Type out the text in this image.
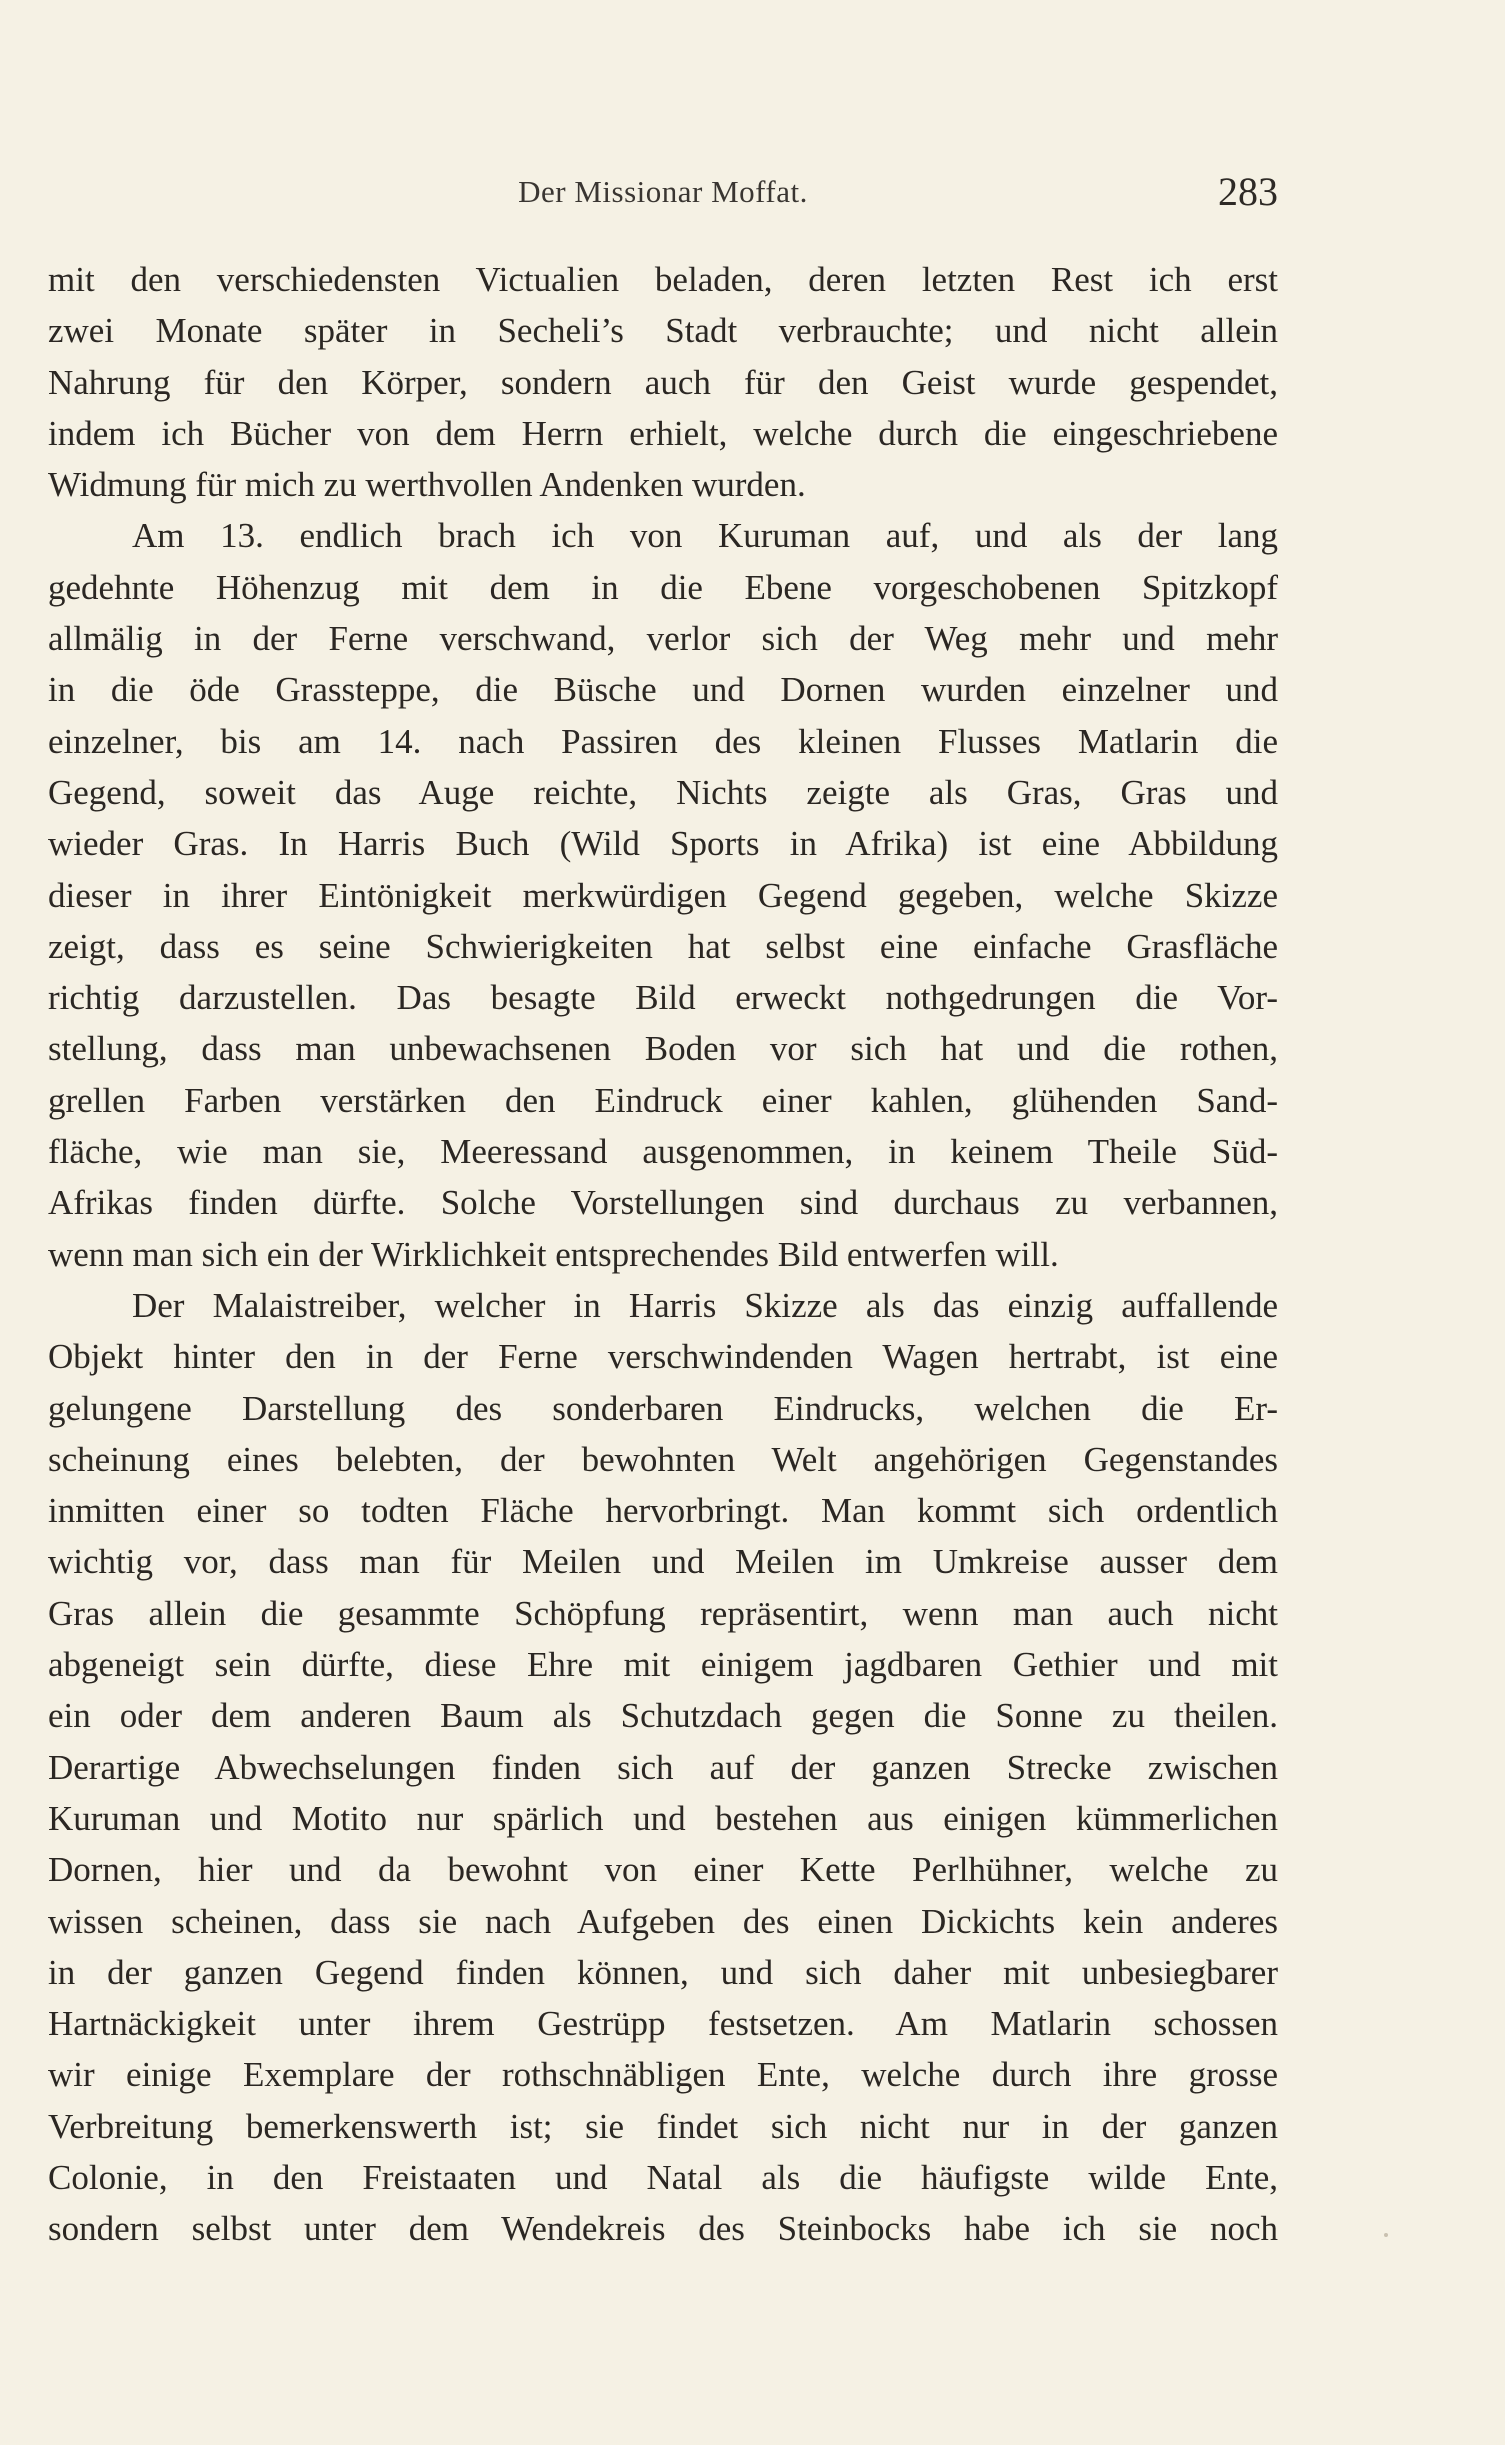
Der Missionar Moffat.	283
mit den verschiedensten Victualien beladen, deren letzten Rest ich erst
zwei Monate später in Secheli’s Stadt verbrauchte; und nicht allein
Nahrung für den Körper, sondern auch für den Geist wurde gespendet,
indem ich Bücher von dem Herrn erhielt, welche durch die eingeschriebene
Widmung für mich zu werthvollen Andenken wurden.
Am 13. endlich brach ich von Kuruman auf, und als der lang
gedehnte Höhenzug mit dem in die Ebene vorgeschobenen Spitzkopf
allmälig in der Ferne verschwand, verlor sich der Weg mehr und mehr
in die öde Grassteppe, die Büsche und Dornen wurden einzelner und
einzelner, bis am 14. nach Passiren des kleinen Flusses Matlarin die
Gegend, soweit das Auge reichte, Nichts zeigte als Gras, Gras und
wieder Gras. In Harris Buch (Wild Sports in Afrika) ist eine Abbildung
dieser in ihrer Eintönigkeit merkwürdigen Gegend gegeben, welche Skizze
zeigt, dass es seine Schwierigkeiten hat selbst eine einfache Grasfläche
richtig darzustellen. Das besagte Bild erweckt nothgedrungen die Vor-
stellung, dass man unbewachsenen Boden vor sich hat und die rothen,
grellen Farben verstärken den Eindruck einer kahlen, glühenden Sand-
fläche, wie man sie, Meeressand ausgenommen, in keinem Theile Süd-
Afrikas finden dürfte. Solche Vorstellungen sind durchaus zu verbannen,
wenn man sich ein der Wirklichkeit entsprechendes Bild entwerfen will.
Der Malaistreiber, welcher in Harris Skizze als das einzig auffallende
Objekt hinter den in der Ferne verschwindenden Wagen hertrabt, ist eine
gelungene Darstellung des sonderbaren Eindrucks, welchen die Er-
scheinung eines belebten, der bewohnten Welt angehörigen Gegenstandes
inmitten einer so todten Fläche hervorbringt. Man kommt sich ordentlich
wichtig vor, dass man für Meilen und Meilen im Umkreise ausser dem
Gras allein die gesammte Schöpfung repräsentirt, wenn man auch nicht
abgeneigt sein dürfte, diese Ehre mit einigem jagdbaren Gethier und mit
ein oder dem anderen Baum als Schutzdach gegen die Sonne zu theilen.
Derartige Abwechselungen finden sich auf der ganzen Strecke zwischen
Kuruman und Motito nur spärlich und bestehen aus einigen kümmerlichen
Dornen, hier und da bewohnt von einer Kette Perlhühner, welche zu
wissen scheinen, dass sie nach Aufgeben des einen Dickichts kein anderes
in der ganzen Gegend finden können, und sich daher mit unbesiegbarer
Hartnäckigkeit unter ihrem Gestrüpp festsetzen. Am Matlarin schossen
wir einige Exemplare der rothschnäbligen Ente, welche durch ihre grosse
Verbreitung bemerkenswerth ist; sie findet sich nicht nur in der ganzen
Colonie, in den Freistaaten und Natal als die häufigste wilde Ente,
sondern selbst unter dem Wendekreis des Steinbocks habe ich sie noch
